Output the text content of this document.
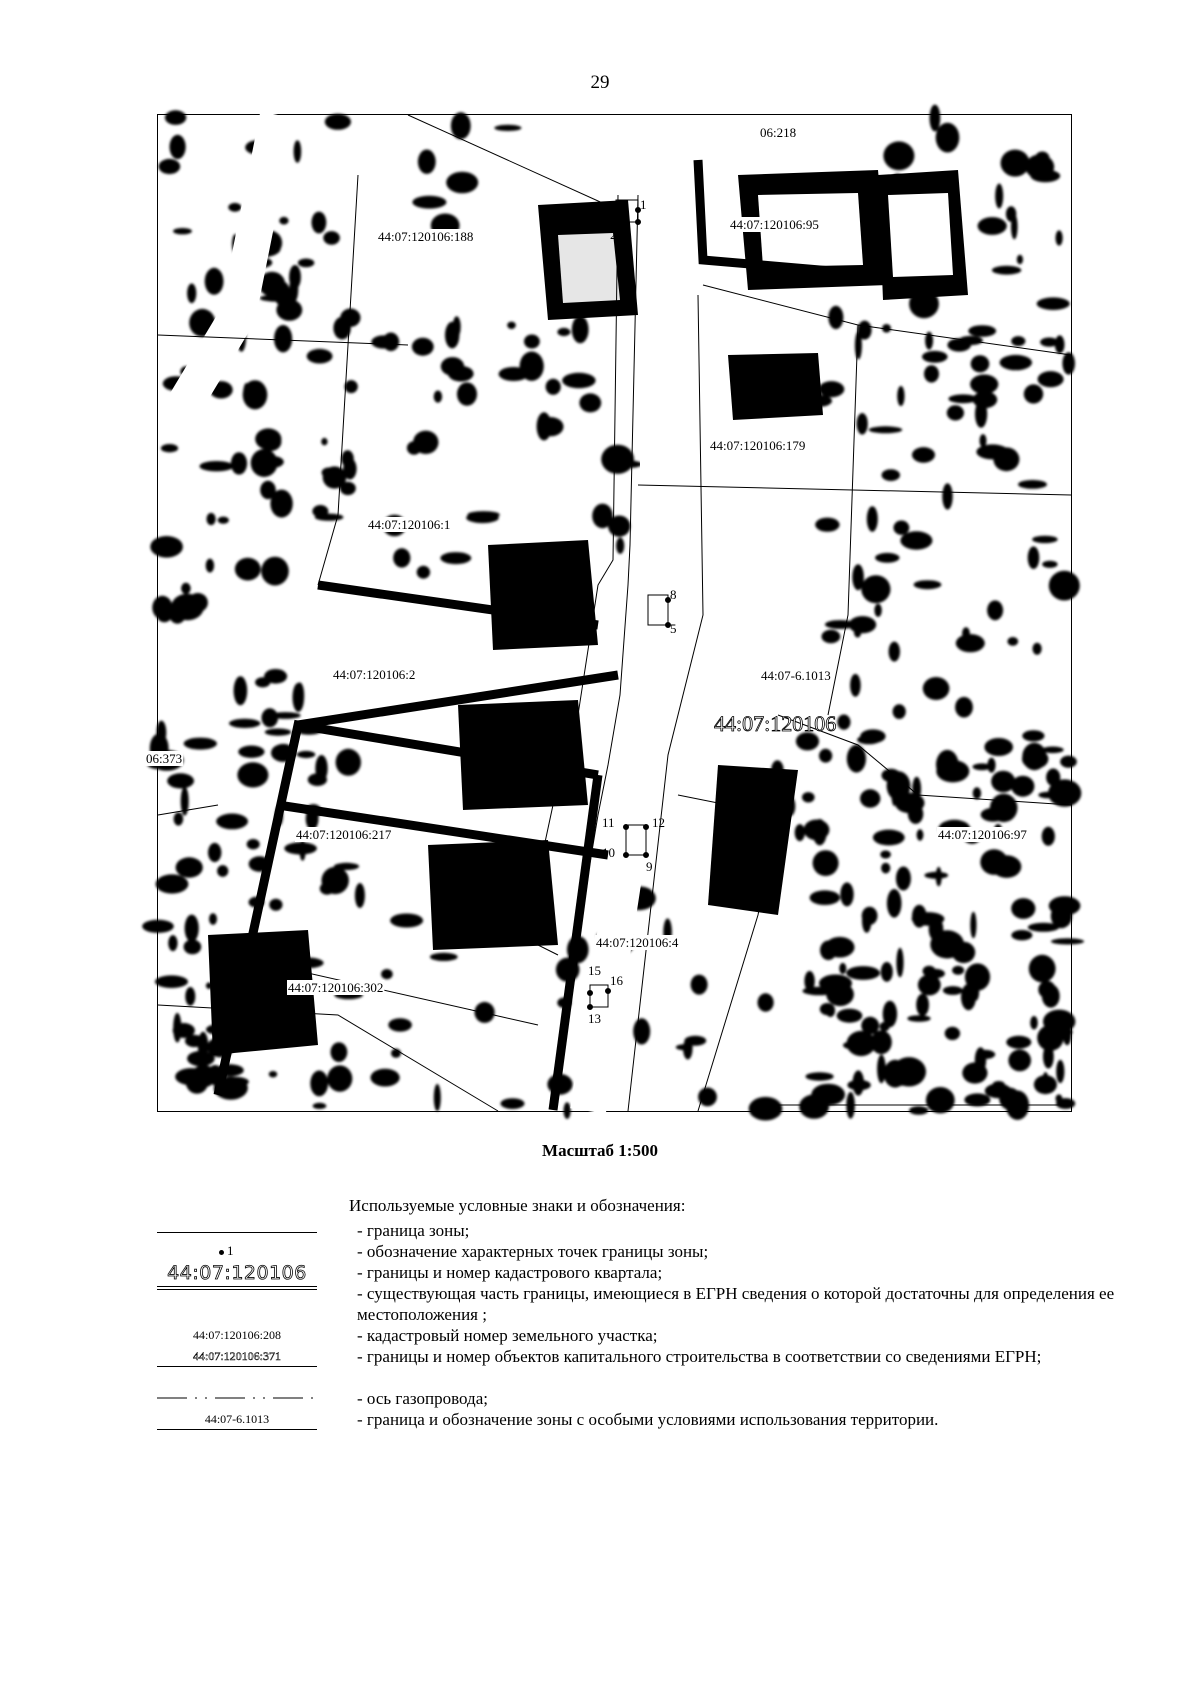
29
44:07:120106:188
44:07:120106:95
44:07:120106:179
44:07:120106:1
44:07:120106:2
44:07:120106:217
44:07:120106:4
06:373
06:218
44:07:120106:97
44:07:120106:302
1
2
8
5
12
11
10
9
16
13
15
44:07:120106
44:07-6.1013
Масштаб 1:500
Используемые условные знаки и обозначения:
- граница зоны;
1	- обозначение характерных точек границы зоны;
44:07:120106	- границы и номер кадастрового квартала;
- существующая часть границы, имеющиеся в ЕГРН сведения о которой достаточны для определения ее местоположения ;
44:07:120106:208	- кадастровый номер земельного участка;
44:07:120106:371	- границы и номер объектов капитального строительства в соответствии со сведениями ЕГРН;
- ось газопровода;
44:07-6.1013	- граница и обозначение зоны с особыми условиями использования территории.
